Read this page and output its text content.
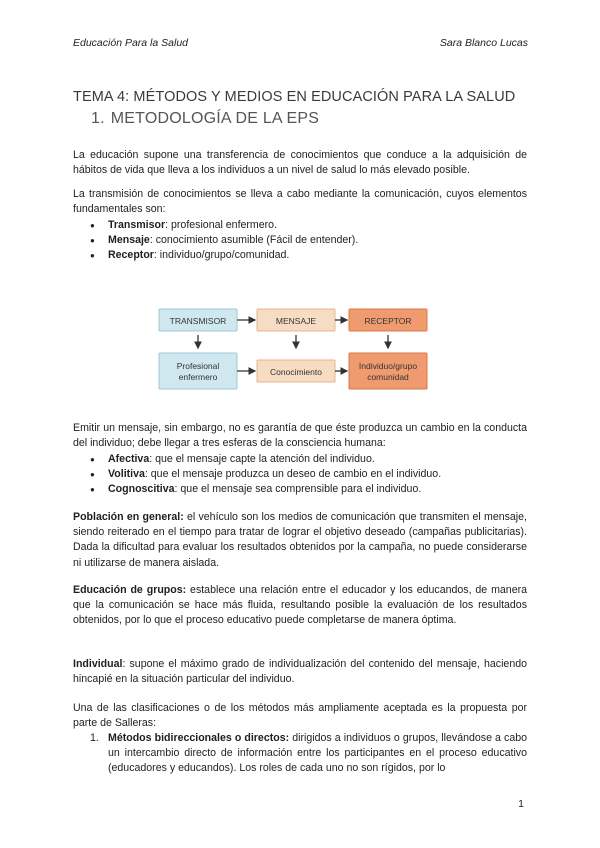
Educación Para la Salud	Sara Blanco Lucas
TEMA 4: MÉTODOS Y MEDIOS EN EDUCACIÓN PARA LA SALUD
1. METODOLOGÍA DE LA EPS
La educación supone una transferencia de conocimientos que conduce a la adquisición de hábitos de vida que lleva a los individuos a un nivel de salud lo más elevado posible.
La transmisión de conocimientos se lleva a cabo mediante la comunicación, cuyos elementos fundamentales son:
● Transmisor: profesional enfermero.
● Mensaje: conocimiento asumible (Fácil de entender).
● Receptor: individuo/grupo/comunidad.
TRANSMISOR	MENSAJE	RECEPTOR
Profesional
enfermero	Conocimiento
Individuo/grupo
comunidad
Emitir un mensaje, sin embargo, no es garantía de que éste produzca un cambio en la conducta del individuo; debe llegar a tres esferas de la consciencia humana:
● Afectiva: que el mensaje capte la atención del individuo.
● Volitiva: que el mensaje produzca un deseo de cambio en el individuo.
● Cognoscitiva: que el mensaje sea comprensible para el individuo.
Población en general: el vehículo son los medios de comunicación que transmiten el mensaje, siendo reiterado en el tiempo para tratar de lograr el objetivo deseado (campañas publicitarias). Dada la dificultad para evaluar los resultados obtenidos por la campaña, no puede considerarse ni utilizarse de manera aislada.
Educación de grupos: establece una relación entre el educador y los educandos, de manera que la comunicación se hace más fluida, resultando posible la evaluación de los resultados obtenidos, por lo que el proceso educativo puede completarse de manera óptima.
Individual: supone el máximo grado de individualización del contenido del mensaje, haciendo hincapié en la situación particular del individuo.
Una de las clasificaciones o de los métodos más ampliamente aceptada es la propuesta por parte de Salleras:
1. Métodos bidireccionales o directos: dirigidos a individuos o grupos, llevándose a cabo un intercambio directo de información entre los participantes en el proceso educativo (educadores y educandos). Los roles de cada uno no son rígidos, por lo
1
